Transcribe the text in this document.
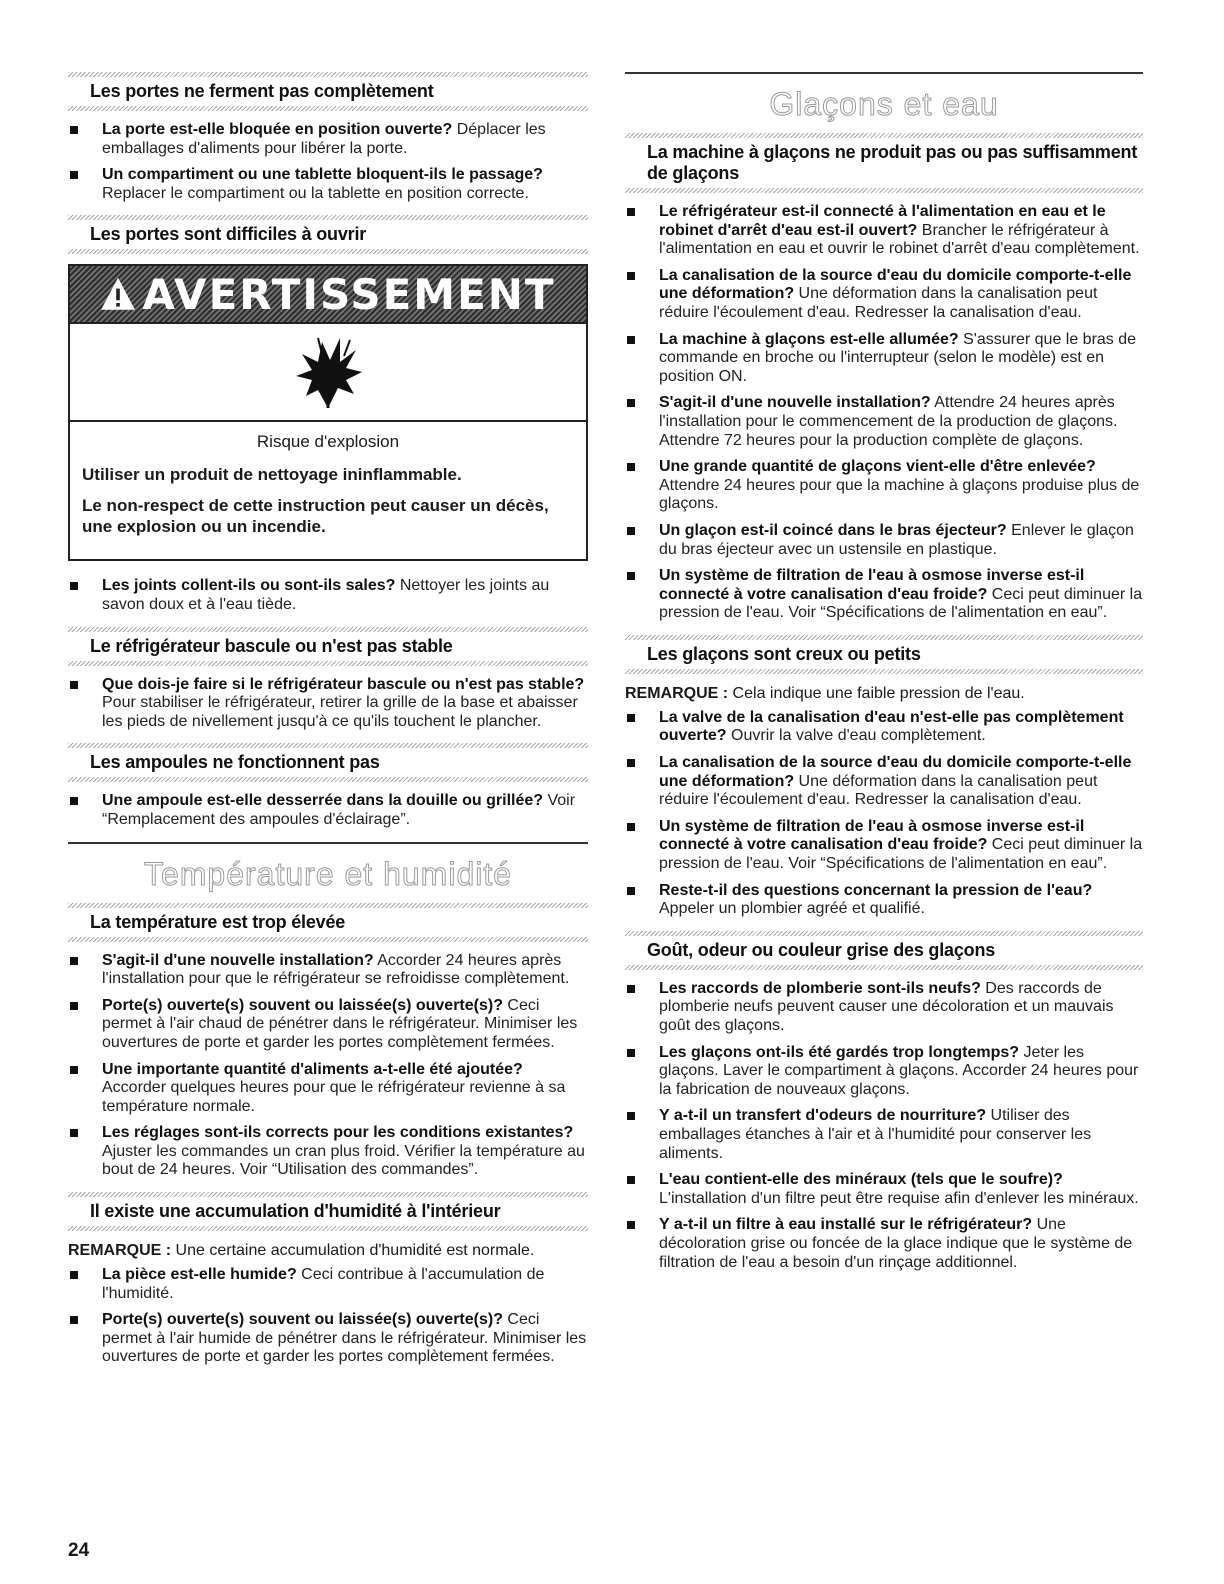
Les portes ne ferment pas complètement
La porte est-elle bloquée en position ouverte? Déplacer les emballages d'aliments pour libérer la porte.
Un compartiment ou une tablette bloquent-ils le passage? Replacer le compartiment ou la tablette en position correcte.
Les portes sont difficiles à ouvrir
AVERTISSEMENT
Risque d'explosion

Utiliser un produit de nettoyage ininflammable.

Le non-respect de cette instruction peut causer un décès, une explosion ou un incendie.

Les joints collent-ils ou sont-ils sales? Nettoyer les joints au savon doux et à l'eau tiède.
Le réfrigérateur bascule ou n'est pas stable
Que dois-je faire si le réfrigérateur bascule ou n'est pas stable? Pour stabiliser le réfrigérateur, retirer la grille de la base et abaisser les pieds de nivellement jusqu'à ce qu'ils touchent le plancher.
Les ampoules ne fonctionnent pas
Une ampoule est-elle desserrée dans la douille ou grillée? Voir “Remplacement des ampoules d'éclairage”.
Température et humidité
La température est trop élevée
S'agit-il d'une nouvelle installation? Accorder 24 heures après l'installation pour que le réfrigérateur se refroidisse complètement.
Porte(s) ouverte(s) souvent ou laissée(s) ouverte(s)? Ceci permet à l'air chaud de pénétrer dans le réfrigérateur. Minimiser les ouvertures de porte et garder les portes complètement fermées.
Une importante quantité d'aliments a-t-elle été ajoutée? Accorder quelques heures pour que le réfrigérateur revienne à sa température normale.
Les réglages sont-ils corrects pour les conditions existantes? Ajuster les commandes un cran plus froid. Vérifier la température au bout de 24 heures. Voir “Utilisation des commandes”.
Il existe une accumulation d'humidité à l'intérieur

REMARQUE : Une certaine accumulation d'humidité est normale.

La pièce est-elle humide? Ceci contribue à l'accumulation de l'humidité.
Porte(s) ouverte(s) souvent ou laissée(s) ouverte(s)? Ceci permet à l'air humide de pénétrer dans le réfrigérateur. Minimiser les ouvertures de porte et garder les portes complètement fermées.
Glaçons et eau
La machine à glaçons ne produit pas ou pas suffisamment de glaçons
Le réfrigérateur est-il connecté à l'alimentation en eau et le robinet d'arrêt d'eau est-il ouvert? Brancher le réfrigérateur à l'alimentation en eau et ouvrir le robinet d'arrêt d'eau complètement.
La canalisation de la source d'eau du domicile comporte-t-elle une déformation? Une déformation dans la canalisation peut réduire l'écoulement d'eau. Redresser la canalisation d'eau.
La machine à glaçons est-elle allumée? S'assurer que le bras de commande en broche ou l'interrupteur (selon le modèle) est en position ON.
S'agit-il d'une nouvelle installation? Attendre 24 heures après l'installation pour le commencement de la production de glaçons. Attendre 72 heures pour la production complète de glaçons.
Une grande quantité de glaçons vient-elle d'être enlevée? Attendre 24 heures pour que la machine à glaçons produise plus de glaçons.
Un glaçon est-il coincé dans le bras éjecteur? Enlever le glaçon du bras éjecteur avec un ustensile en plastique.
Un système de filtration de l'eau à osmose inverse est-il connecté à votre canalisation d'eau froide? Ceci peut diminuer la pression de l'eau. Voir “Spécifications de l'alimentation en eau”.
Les glaçons sont creux ou petits

REMARQUE : Cela indique une faible pression de l'eau.

La valve de la canalisation d'eau n'est-elle pas complètement ouverte? Ouvrir la valve d'eau complètement.
La canalisation de la source d'eau du domicile comporte-t-elle une déformation? Une déformation dans la canalisation peut réduire l'écoulement d'eau. Redresser la canalisation d'eau.
Un système de filtration de l'eau à osmose inverse est-il connecté à votre canalisation d'eau froide? Ceci peut diminuer la pression de l'eau. Voir “Spécifications de l'alimentation en eau”.
Reste-t-il des questions concernant la pression de l'eau? Appeler un plombier agréé et qualifié.
Goût, odeur ou couleur grise des glaçons
Les raccords de plomberie sont-ils neufs? Des raccords de plomberie neufs peuvent causer une décoloration et un mauvais goût des glaçons.
Les glaçons ont-ils été gardés trop longtemps? Jeter les glaçons. Laver le compartiment à glaçons. Accorder 24 heures pour la fabrication de nouveaux glaçons.
Y a-t-il un transfert d'odeurs de nourriture? Utiliser des emballages étanches à l'air et à l'humidité pour conserver les aliments.
L'eau contient-elle des minéraux (tels que le soufre)? L'installation d'un filtre peut être requise afin d'enlever les minéraux.
Y a-t-il un filtre à eau installé sur le réfrigérateur? Une décoloration grise ou foncée de la glace indique que le système de filtration de l'eau a besoin d'un rinçage additionnel.
24
